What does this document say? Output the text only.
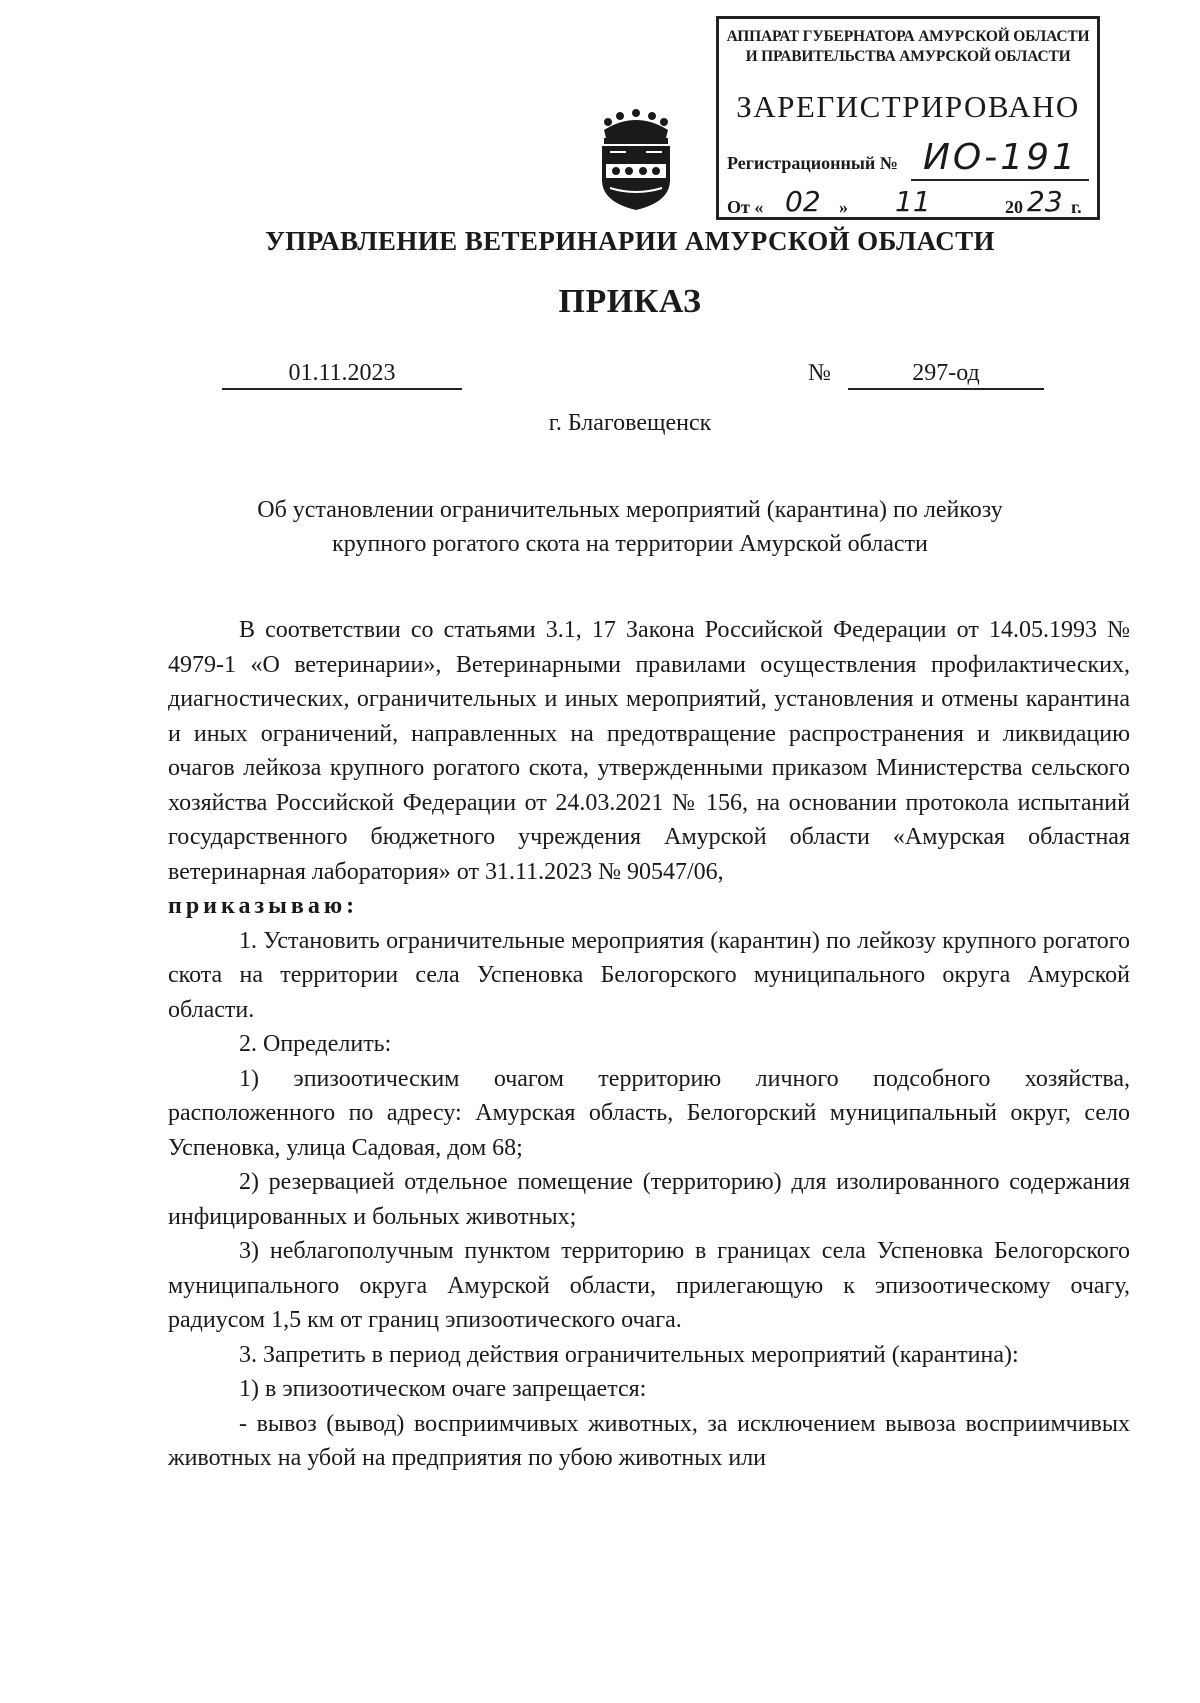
АППАРАТ ГУБЕРНАТОРА АМУРСКОЙ ОБЛАСТИ
И ПРАВИТЕЛЬСТВА АМУРСКОЙ ОБЛАСТИ
ЗАРЕГИСТРИРОВАНО
Регистрационный № ИО-191
От « 02 » 11	20 23 г.
УПРАВЛЕНИЕ ВЕТЕРИНАРИИ АМУРСКОЙ ОБЛАСТИ
ПРИКАЗ
01.11.2023	№	297-од
г. Благовещенск
Об установлении ограничительных мероприятий (карантина) по лейкозу
крупного рогатого скота на территории Амурской области

В соответствии со статьями 3.1, 17 Закона Российской Федерации от 14.05.1993 № 4979-1 «О ветеринарии», Ветеринарными правилами осуществления профилактических, диагностических, ограничительных и иных мероприятий, установления и отмены карантина и иных ограничений, направленных на предотвращение распространения и ликвидацию очагов лейкоза крупного рогатого скота, утвержденными приказом Министерства сельского хозяйства Российской Федерации от 24.03.2021 № 156, на основании протокола испытаний государственного бюджетного учреждения Амурской области «Амурская областная ветеринарная лаборатория» от 31.11.2023 № 90547/06,

приказываю:

1. Установить ограничительные мероприятия (карантин) по лейкозу крупного рогатого скота на территории села Успеновка Белогорского муниципального округа Амурской области.

2. Определить:

1) эпизоотическим очагом территорию личного подсобного хозяйства, расположенного по адресу: Амурская область, Белогорский муниципальный округ, село Успеновка, улица Садовая, дом 68;

2) резервацией отдельное помещение (территорию) для изолированного содержания инфицированных и больных животных;

3) неблагополучным пунктом территорию в границах села Успеновка Белогорского муниципального округа Амурской области, прилегающую к эпизоотическому очагу, радиусом 1,5 км от границ эпизоотического очага.

3. Запретить в период действия ограничительных мероприятий (карантина):

1) в эпизоотическом очаге запрещается:

- вывоз (вывод) восприимчивых животных, за исключением вывоза восприимчивых животных на убой на предприятия по убою животных или
